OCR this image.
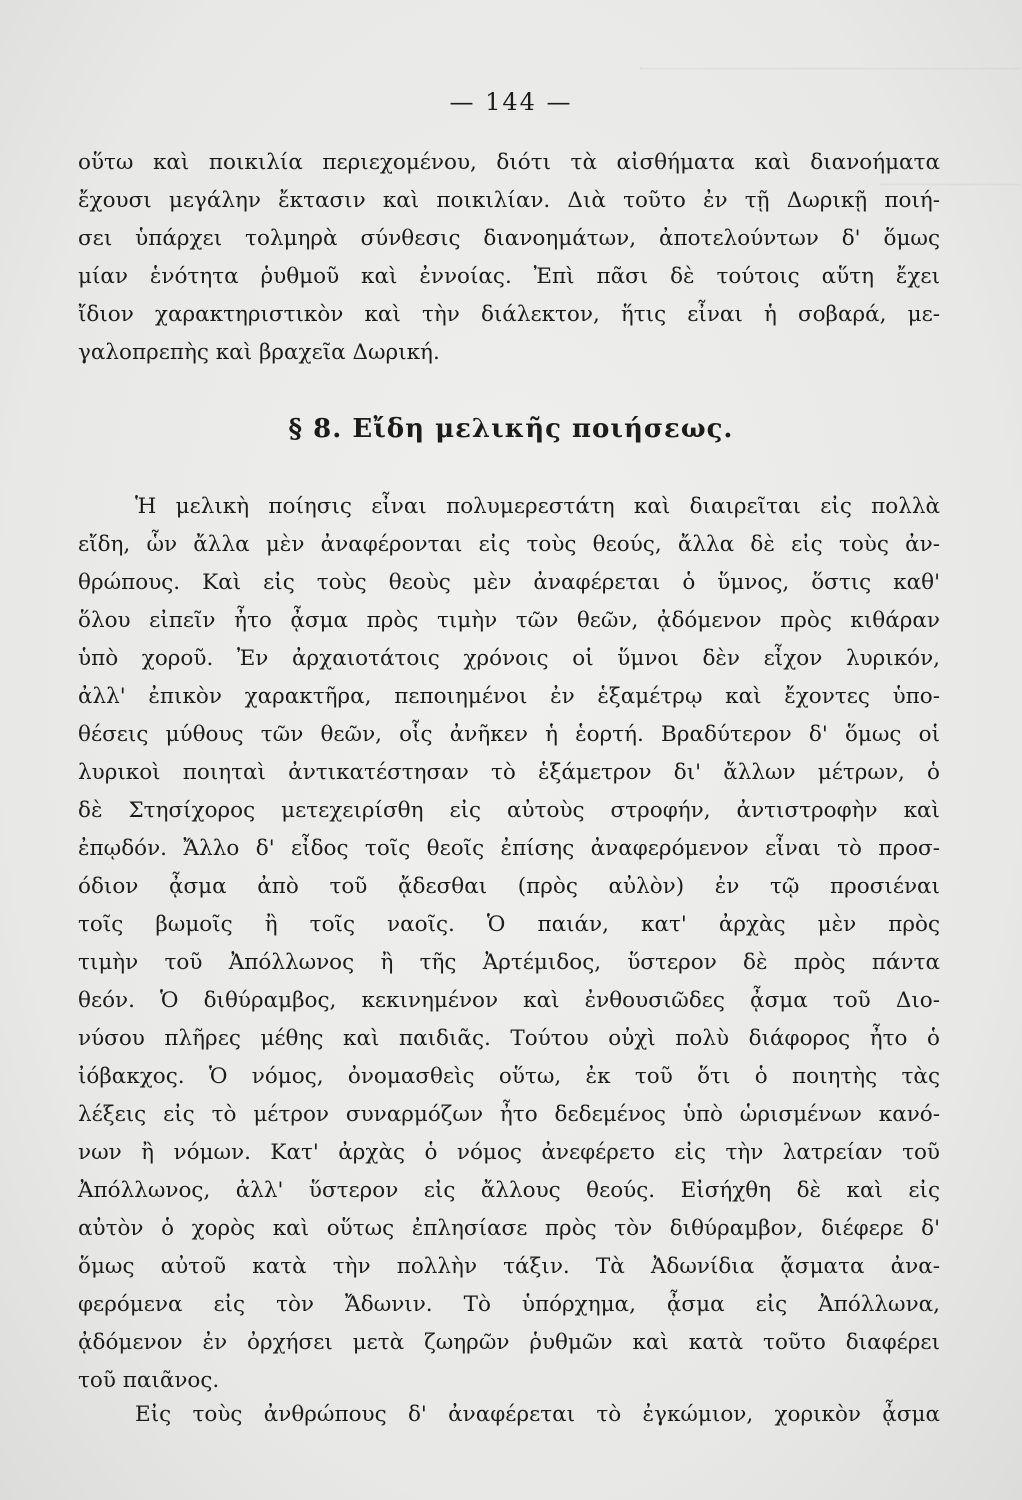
— 144 —
οὕτω καὶ ποικιλία περιεχομένου, διότι τὰ αἰσθήματα καὶ διανοήματα
ἔχουσι μεγάλην ἔκτασιν καὶ ποικιλίαν. Διὰ τοῦτο ἐν τῇ Δωρικῇ ποιή-
σει ὑπάρχει τολμηρὰ σύνθεσις διανοημάτων, ἀποτελούντων δ' ὅμως
μίαν ἑνότητα ῥυθμοῦ καὶ ἐννοίας. Ἐπὶ πᾶσι δὲ τούτοις αὕτη ἔχει
ἴδιον χαρακτηριστικὸν καὶ τὴν διάλεκτον, ἥτις εἶναι ἡ σοβαρά, με-
γαλοπρεπὴς καὶ βραχεῖα Δωρική.
§ 8. Εἴδη μελικῆς ποιήσεως.
Ἡ μελικὴ ποίησις εἶναι πολυμερεστάτη καὶ διαιρεῖται εἰς πολλὰ
εἴδη, ὧν ἄλλα μὲν ἀναφέρονται εἰς τοὺς θεούς, ἄλλα δὲ εἰς τοὺς ἀν-
θρώπους. Καὶ εἰς τοὺς θεοὺς μὲν ἀναφέρεται ὁ ὕμνος, ὅστις καθ'
ὅλου εἰπεῖν ἦτο ᾆσμα πρὸς τιμὴν τῶν θεῶν, ᾀδόμενον πρὸς κιθάραν
ὑπὸ χοροῦ. Ἐν ἀρχαιοτάτοις χρόνοις οἱ ὕμνοι δὲν εἶχον λυρικόν,
ἀλλ' ἐπικὸν χαρακτῆρα, πεποιημένοι ἐν ἑξαμέτρῳ καὶ ἔχοντες ὑπο-
θέσεις μύθους τῶν θεῶν, οἷς ἀνῆκεν ἡ ἑορτή. Βραδύτερον δ' ὅμως οἱ
λυρικοὶ ποιηταὶ ἀντικατέστησαν τὸ ἑξάμετρον δι' ἄλλων μέτρων, ὁ
δὲ Στησίχορος μετεχειρίσθη εἰς αὐτοὺς στροφήν, ἀντιστροφὴν καὶ
ἐπῳδόν. Ἄλλο δ' εἶδος τοῖς θεοῖς ἐπίσης ἀναφερόμενον εἶναι τὸ προσ-
όδιον ᾆσμα ἀπὸ τοῦ ᾄδεσθαι (πρὸς αὐλὸν) ἐν τῷ προσιέναι
τοῖς βωμοῖς ἢ τοῖς ναοῖς. Ὁ παιάν, κατ' ἀρχὰς μὲν πρὸς
τιμὴν τοῦ Ἀπόλλωνος ἢ τῆς Ἀρτέμιδος, ὕστερον δὲ πρὸς πάντα
θεόν. Ὁ διθύραμβος, κεκινημένον καὶ ἐνθουσιῶδες ᾆσμα τοῦ Διο-
νύσου πλῆρες μέθης καὶ παιδιᾶς. Τούτου οὐχὶ πολὺ διάφορος ἦτο ὁ
ἰόβακχος. Ὁ νόμος, ὀνομασθεὶς οὕτω, ἐκ τοῦ ὅτι ὁ ποιητὴς τὰς
λέξεις εἰς τὸ μέτρον συναρμόζων ἦτο δεδεμένος ὑπὸ ὡρισμένων κανό-
νων ἢ νόμων. Κατ' ἀρχὰς ὁ νόμος ἀνεφέρετο εἰς τὴν λατρείαν τοῦ
Ἀπόλλωνος, ἀλλ' ὕστερον εἰς ἄλλους θεούς. Εἰσήχθη δὲ καὶ εἰς
αὐτὸν ὁ χορὸς καὶ οὕτως ἐπλησίασε πρὸς τὸν διθύραμβον, διέφερε δ'
ὅμως αὐτοῦ κατὰ τὴν πολλὴν τάξιν. Τὰ Ἀδωνίδια ᾄσματα ἀνα-
φερόμενα εἰς τὸν Ἄδωνιν. Τὸ ὑπόρχημα, ᾆσμα εἰς Ἀπόλλωνα,
ᾀδόμενον ἐν ὀρχήσει μετὰ ζωηρῶν ῥυθμῶν καὶ κατὰ τοῦτο διαφέρει
τοῦ παιᾶνος.
Εἰς τοὺς ἀνθρώπους δ' ἀναφέρεται τὸ ἐγκώμιον, χορικὸν ᾆσμα
